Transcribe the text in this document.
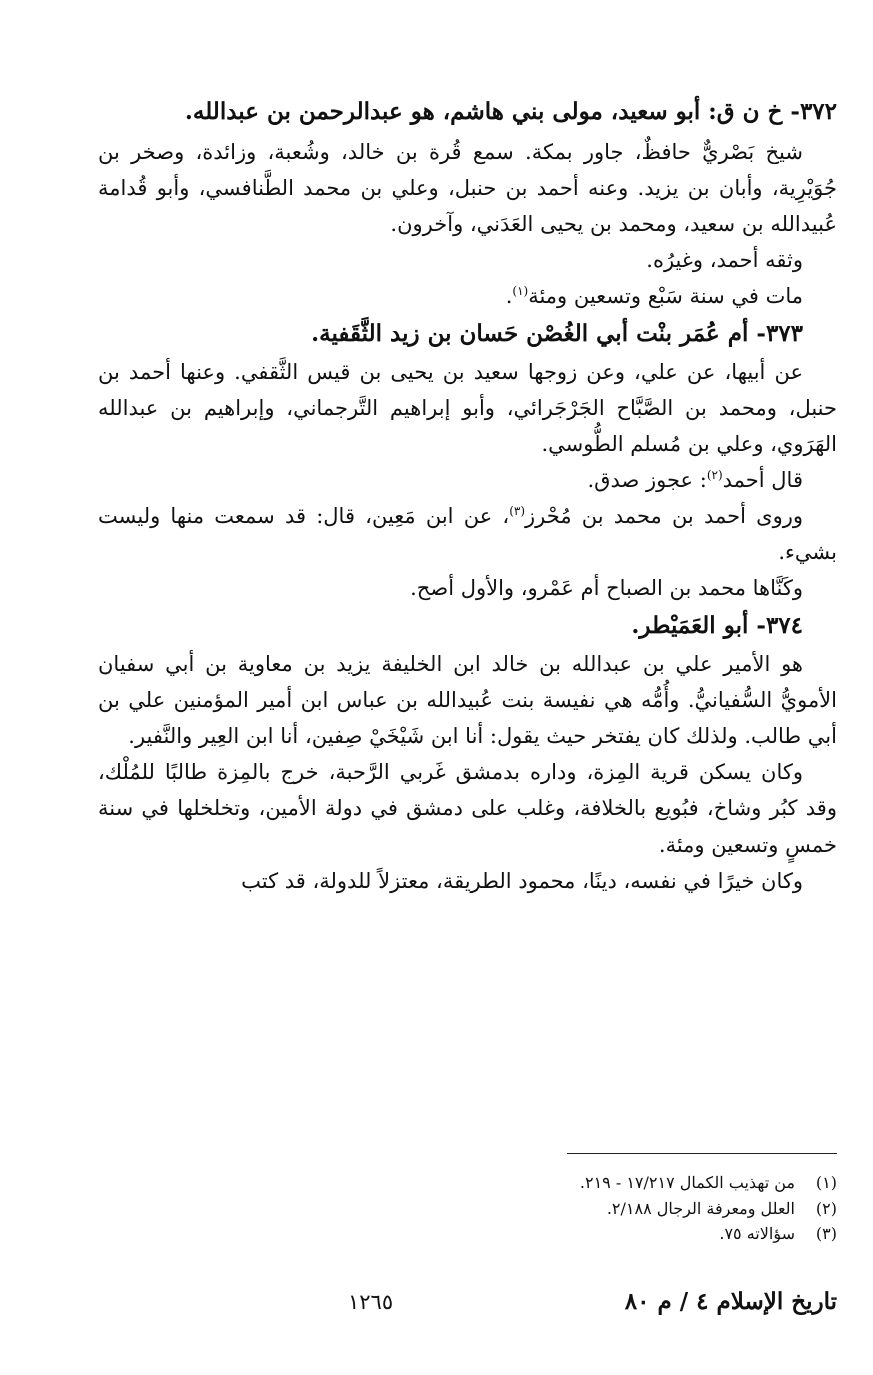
٣٧٢- خ ن ق: أبو سعيد، مولى بني هاشم، هو عبدالرحمن بن عبدالله.

شيخ بَصْريٌّ حافظٌ، جاور بمكة. سمع قُرة بن خالد، وشُعبة، وزائدة، وصخر بن جُوَيْرِية، وأبان بن يزيد. وعنه أحمد بن حنبل، وعلي بن محمد الطَّنافسي، وأبو قُدامة عُبيدالله بن سعيد، ومحمد بن يحيى العَدَني، وآخرون.

وثقه أحمد، وغيرُه.

مات في سنة سَبْع وتسعين ومئة$^{(١)}$.

٣٧٣- أم عُمَر بنْت أبي الغُصْن حَسان بن زيد الثَّقَفية.

عن أبيها، عن علي، وعن زوجها سعيد بن يحيى بن قيس الثَّقفي. وعنها أحمد بن حنبل، ومحمد بن الصَّبَّاح الجَرْجَرائي، وأبو إبراهيم التَّرجماني، وإبراهيم بن عبدالله الهَرَوي، وعلي بن مُسلم الطُّوسي.

قال أحمد$^{(٢)}$: عجوز صدق.

وروى أحمد بن محمد بن مُحْرز$^{(٣)}$، عن ابن مَعِين، قال: قد سمعت منها وليست بشيء.

وكَنَّاها محمد بن الصباح أم عَمْرو، والأول أصح.

٣٧٤- أبو العَمَيْطر.

هو الأمير علي بن عبدالله بن خالد ابن الخليفة يزيد بن معاوية بن أبي سفيان الأمويُّ السُّفيانيُّ. وأُمُّه هي نفيسة بنت عُبيدالله بن عباس ابن أمير المؤمنين علي بن أبي طالب. ولذلك كان يفتخر حيث يقول: أنا ابن شَيْخَيْ صِفين، أنا ابن العِير والنَّفير.

وكان يسكن قرية المِزة، وداره بدمشق غَربي الرَّحبة، خرج بالمِزة طالبًا للمُلْك، وقد كبُر وشاخ، فبُويع بالخلافة، وغلب على دمشق في دولة الأمين، وتخلخلها في سنة خمسٍ وتسعين ومئة.

وكان خيرًا في نفسه، دينًا، محمود الطريقة، معتزلاً للدولة، قد كتب

(١)
من تهذيب الكمال ١٧/٢١٧ - ٢١٩.
(٢)
العلل ومعرفة الرجال ٢/١٨٨.
(٣)
سؤالاته ٧٥.
تاريخ الإسلام ٤ / م ٨٠
١٢٦٥
